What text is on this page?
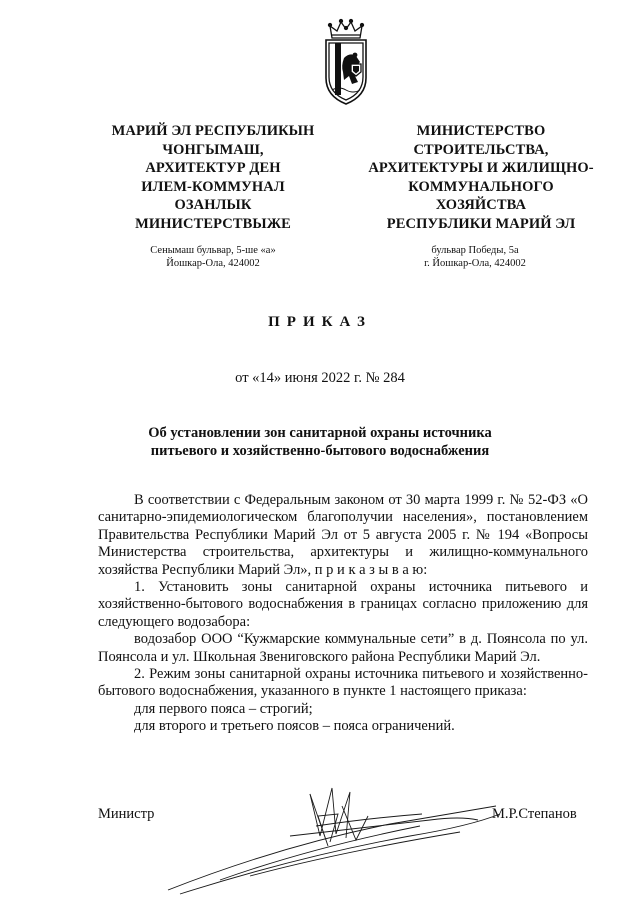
МАРИЙ ЭЛ РЕСПУБЛИКЫН
ЧОНГЫМАШ,
АРХИТЕКТУР ДЕН
ИЛЕМ-КОММУНАЛ
ОЗАНЛЫК
МИНИСТЕРСТВЫЖЕ
МИНИСТЕРСТВО
СТРОИТЕЛЬСТВА,
АРХИТЕКТУРЫ И ЖИЛИЩНО-
КОММУНАЛЬНОГО
ХОЗЯЙСТВА
РЕСПУБЛИКИ МАРИЙ ЭЛ
Сенымаш бульвар, 5-ше «а»
Йошкар-Ола, 424002
бульвар Победы, 5а
г. Йошкар-Ола, 424002
ПРИКАЗ
от «14» июня 2022 г. № 284
Об установлении зон санитарной охраны источника
питьевого и хозяйственно-бытового водоснабжения

В соответствии с Федеральным законом от 30 марта 1999 г. № 52-ФЗ «О санитарно-эпидемиологическом благополучии населения», постановлением Правительства Республики Марий Эл от 5 августа 2005 г. № 194 «Вопросы Министерства строительства, архитектуры и жилищно-коммунального хозяйства Республики Марий Эл», п р и к а з ы в а ю:

1. Установить зоны санитарной охраны источника питьевого и хозяйственно-бытового водоснабжения в границах согласно приложению для следующего водозабора:

водозабор ООО “Кужмарские коммунальные сети” в д. Поянсола по ул. Поянсола и ул. Школьная Звениговского района Республики Марий Эл.

2. Режим зоны санитарной охраны источника питьевого и хозяйственно-бытового водоснабжения, указанного в пункте 1 настоящего приказа:

для первого пояса – строгий;

для второго и третьего поясов – пояса ограничений.

Министр	М.Р.Степанов
